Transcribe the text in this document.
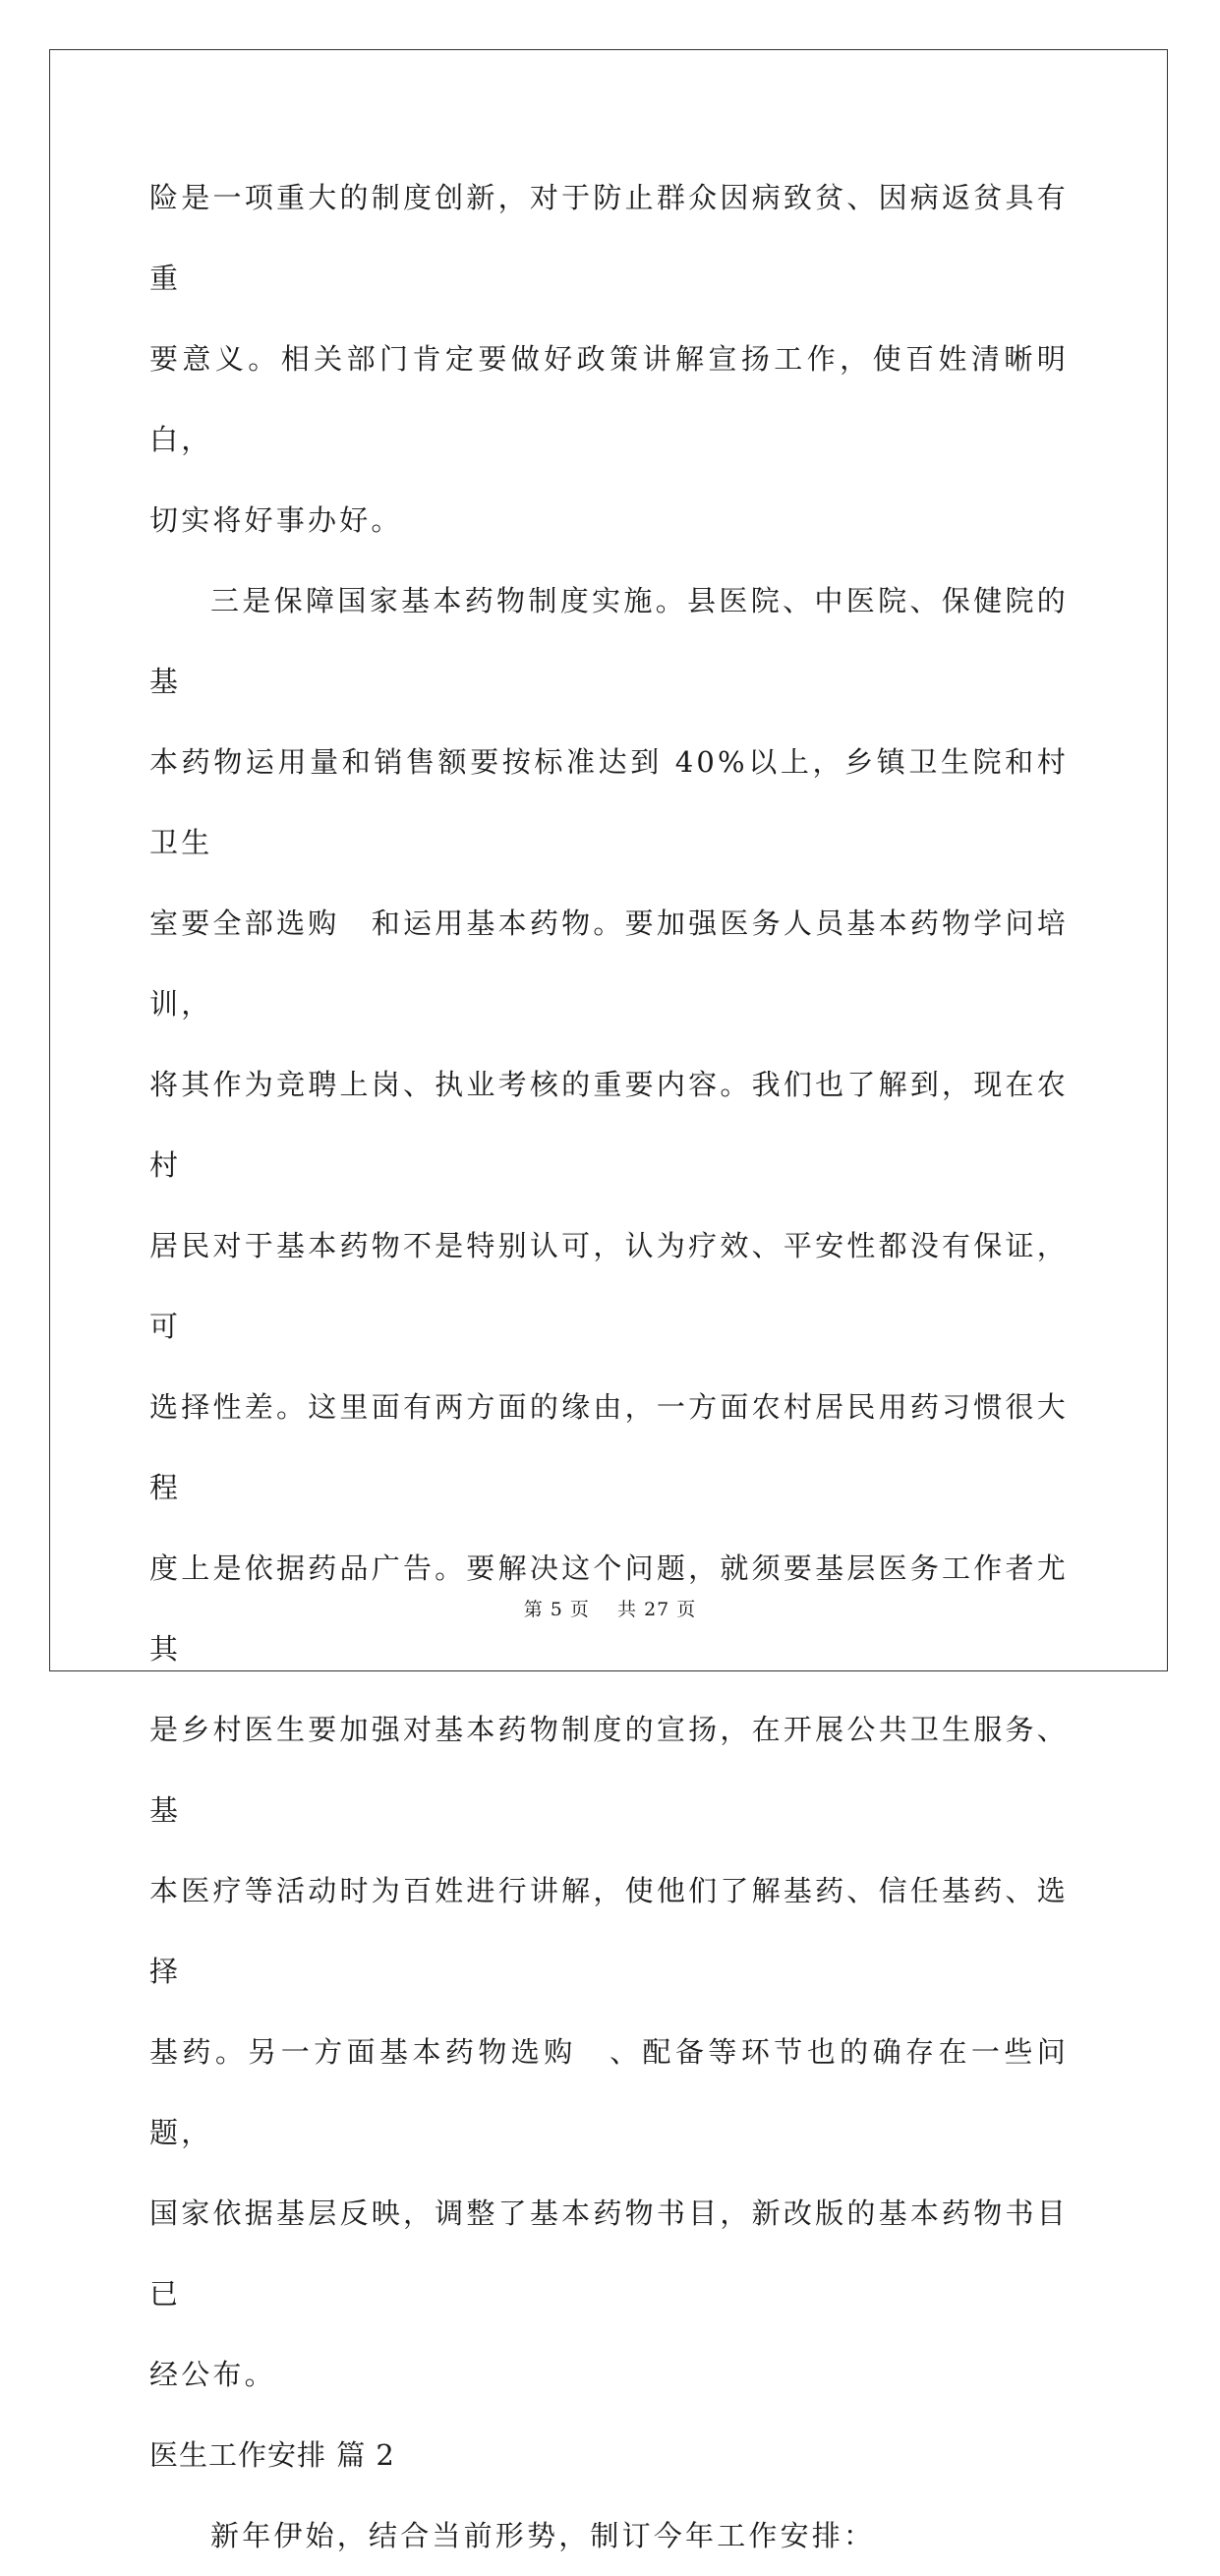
险是一项重大的制度创新，对于防止群众因病致贫、因病返贫具有重
要意义。相关部门肯定要做好政策讲解宣扬工作，使百姓清晰明白，
切实将好事办好。
三是保障国家基本药物制度实施。县医院、中医院、保健院的基
本药物运用量和销售额要按标准达到 40%以上，乡镇卫生院和村卫生
室要全部选购　和运用基本药物。要加强医务人员基本药物学问培训，
将其作为竞聘上岗、执业考核的重要内容。我们也了解到，现在农村
居民对于基本药物不是特别认可，认为疗效、平安性都没有保证，可
选择性差。这里面有两方面的缘由，一方面农村居民用药习惯很大程
度上是依据药品广告。要解决这个问题，就须要基层医务工作者尤其
是乡村医生要加强对基本药物制度的宣扬，在开展公共卫生服务、基
本医疗等活动时为百姓进行讲解，使他们了解基药、信任基药、选择
基药。另一方面基本药物选购　、配备等环节也的确存在一些问题，
国家依据基层反映，调整了基本药物书目，新改版的基本药物书目已
经公布。
医生工作安排 篇 2
新年伊始，结合当前形势，制订今年工作安排：
第 5 页 共 27 页
